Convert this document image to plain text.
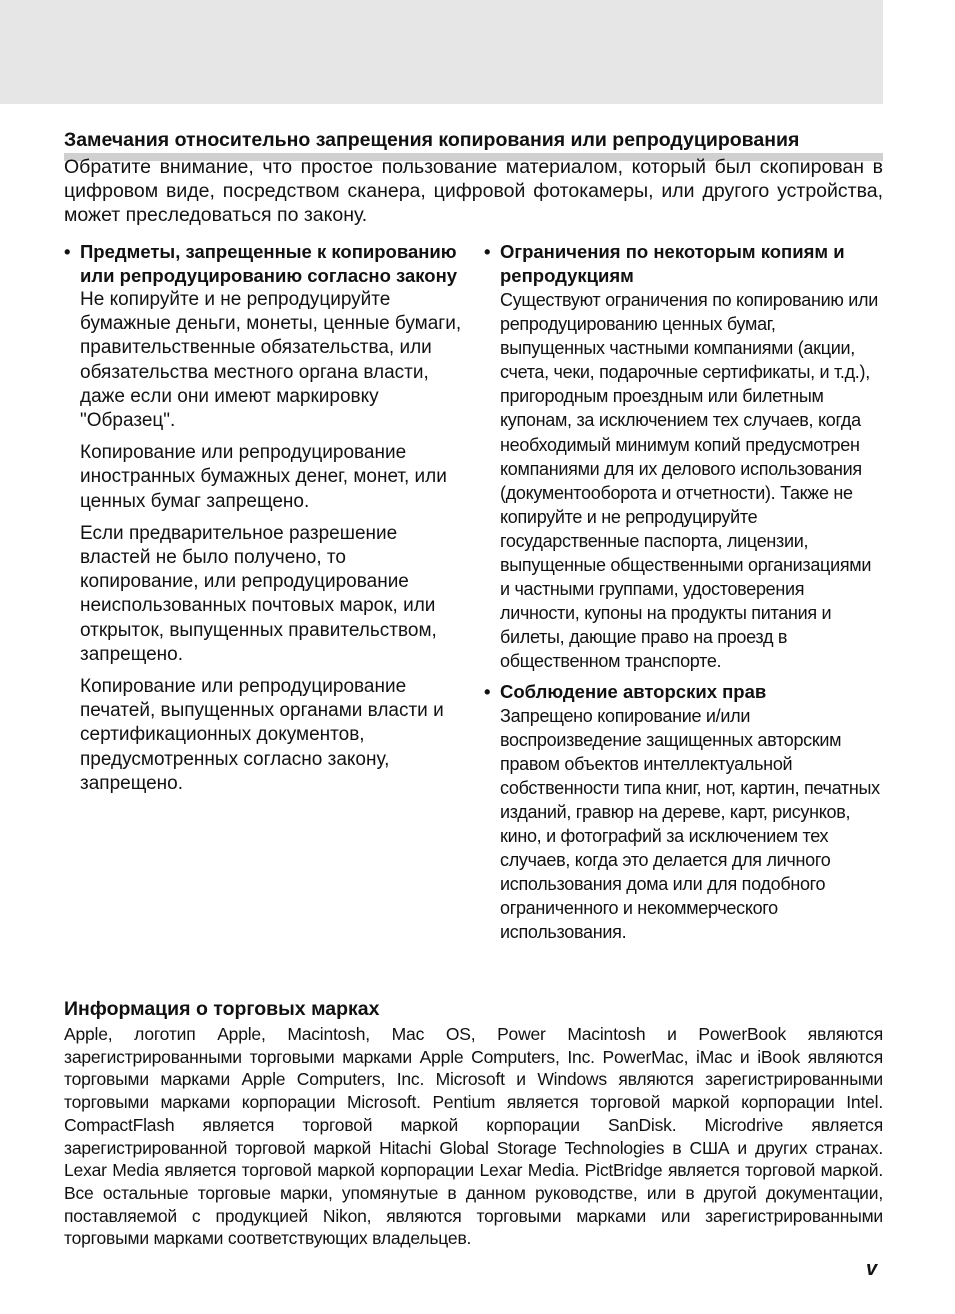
Замечания относительно запрещения копирования или репродуцирования
Обратите внимание, что простое пользование материалом, который был скопирован в цифровом виде, посредством сканера, цифровой фотокамеры, или другого устройства, может преследоваться по закону.

• Предметы, запрещенные к копированию или репродуцированию согласно закону

Не копируйте и не репродуцируйте бумажные деньги, монеты, ценные бумаги, правительственные обязательства, или обязательства местного органа власти, даже если они имеют маркировку "Образец".

Копирование или репродуцирование иностранных бумажных денег, монет, или ценных бумаг запрещено.

Если предварительное разрешение властей не было получено, то копирование, или репродуцирование неиспользованных почтовых марок, или открыток, выпущенных правительством, запрещено.

Копирование или репродуцирование печатей, выпущенных органами власти и сертификационных документов, предусмотренных согласно закону, запрещено.

• Ограничения по некоторым копиям и репродукциям

Существуют ограничения по копированию или репродуцированию ценных бумаг, выпущенных частными компаниями (акции, счета, чеки, подарочные сертификаты, и т.д.), пригородным проездным или билетным купонам, за исключением тех случаев, когда необходимый минимум копий предусмотрен компаниями для их делового использования (документооборота и отчетности). Также не копируйте и не репродуцируйте государственные паспорта, лицензии, выпущенные общественными организациями и частными группами, удостоверения личности, купоны на продукты питания и билеты, дающие право на проезд в общественном транспорте.

• Соблюдение авторских прав

Запрещено копирование и/или воспроизведение защищенных авторским правом объектов интеллектуальной собственности типа книг, нот, картин, печатных изданий, гравюр на дереве, карт, рисунков, кино, и фотографий за исключением тех случаев, когда это делается для личного использования дома или для подобного ограниченного и некоммерческого использования.

Информация о торговых марках
Apple, логотип Apple, Macintosh, Mac OS, Power Macintosh и PowerBook являются зарегистрированными торговыми марками Apple Computers, Inc. PowerMac, iMac и iBook являются торговыми марками Apple Computers, Inc. Microsoft и Windows являются зарегистрированными торговыми марками корпорации Microsoft. Pentium является торговой маркой корпорации Intel. CompactFlash является торговой маркой корпорации SanDisk. Microdrive является зарегистрированной торговой маркой Hitachi Global Storage Technologies в США и других странах. Lexar Media является торговой маркой корпорации Lexar Media. PictBridge является торговой маркой. Все остальные торговые марки, упомянутые в данном руководстве, или в другой документации, поставляемой с продукцией Nikon, являются торговыми марками или зарегистрированными торговыми марками соответствующих владельцев.
v
